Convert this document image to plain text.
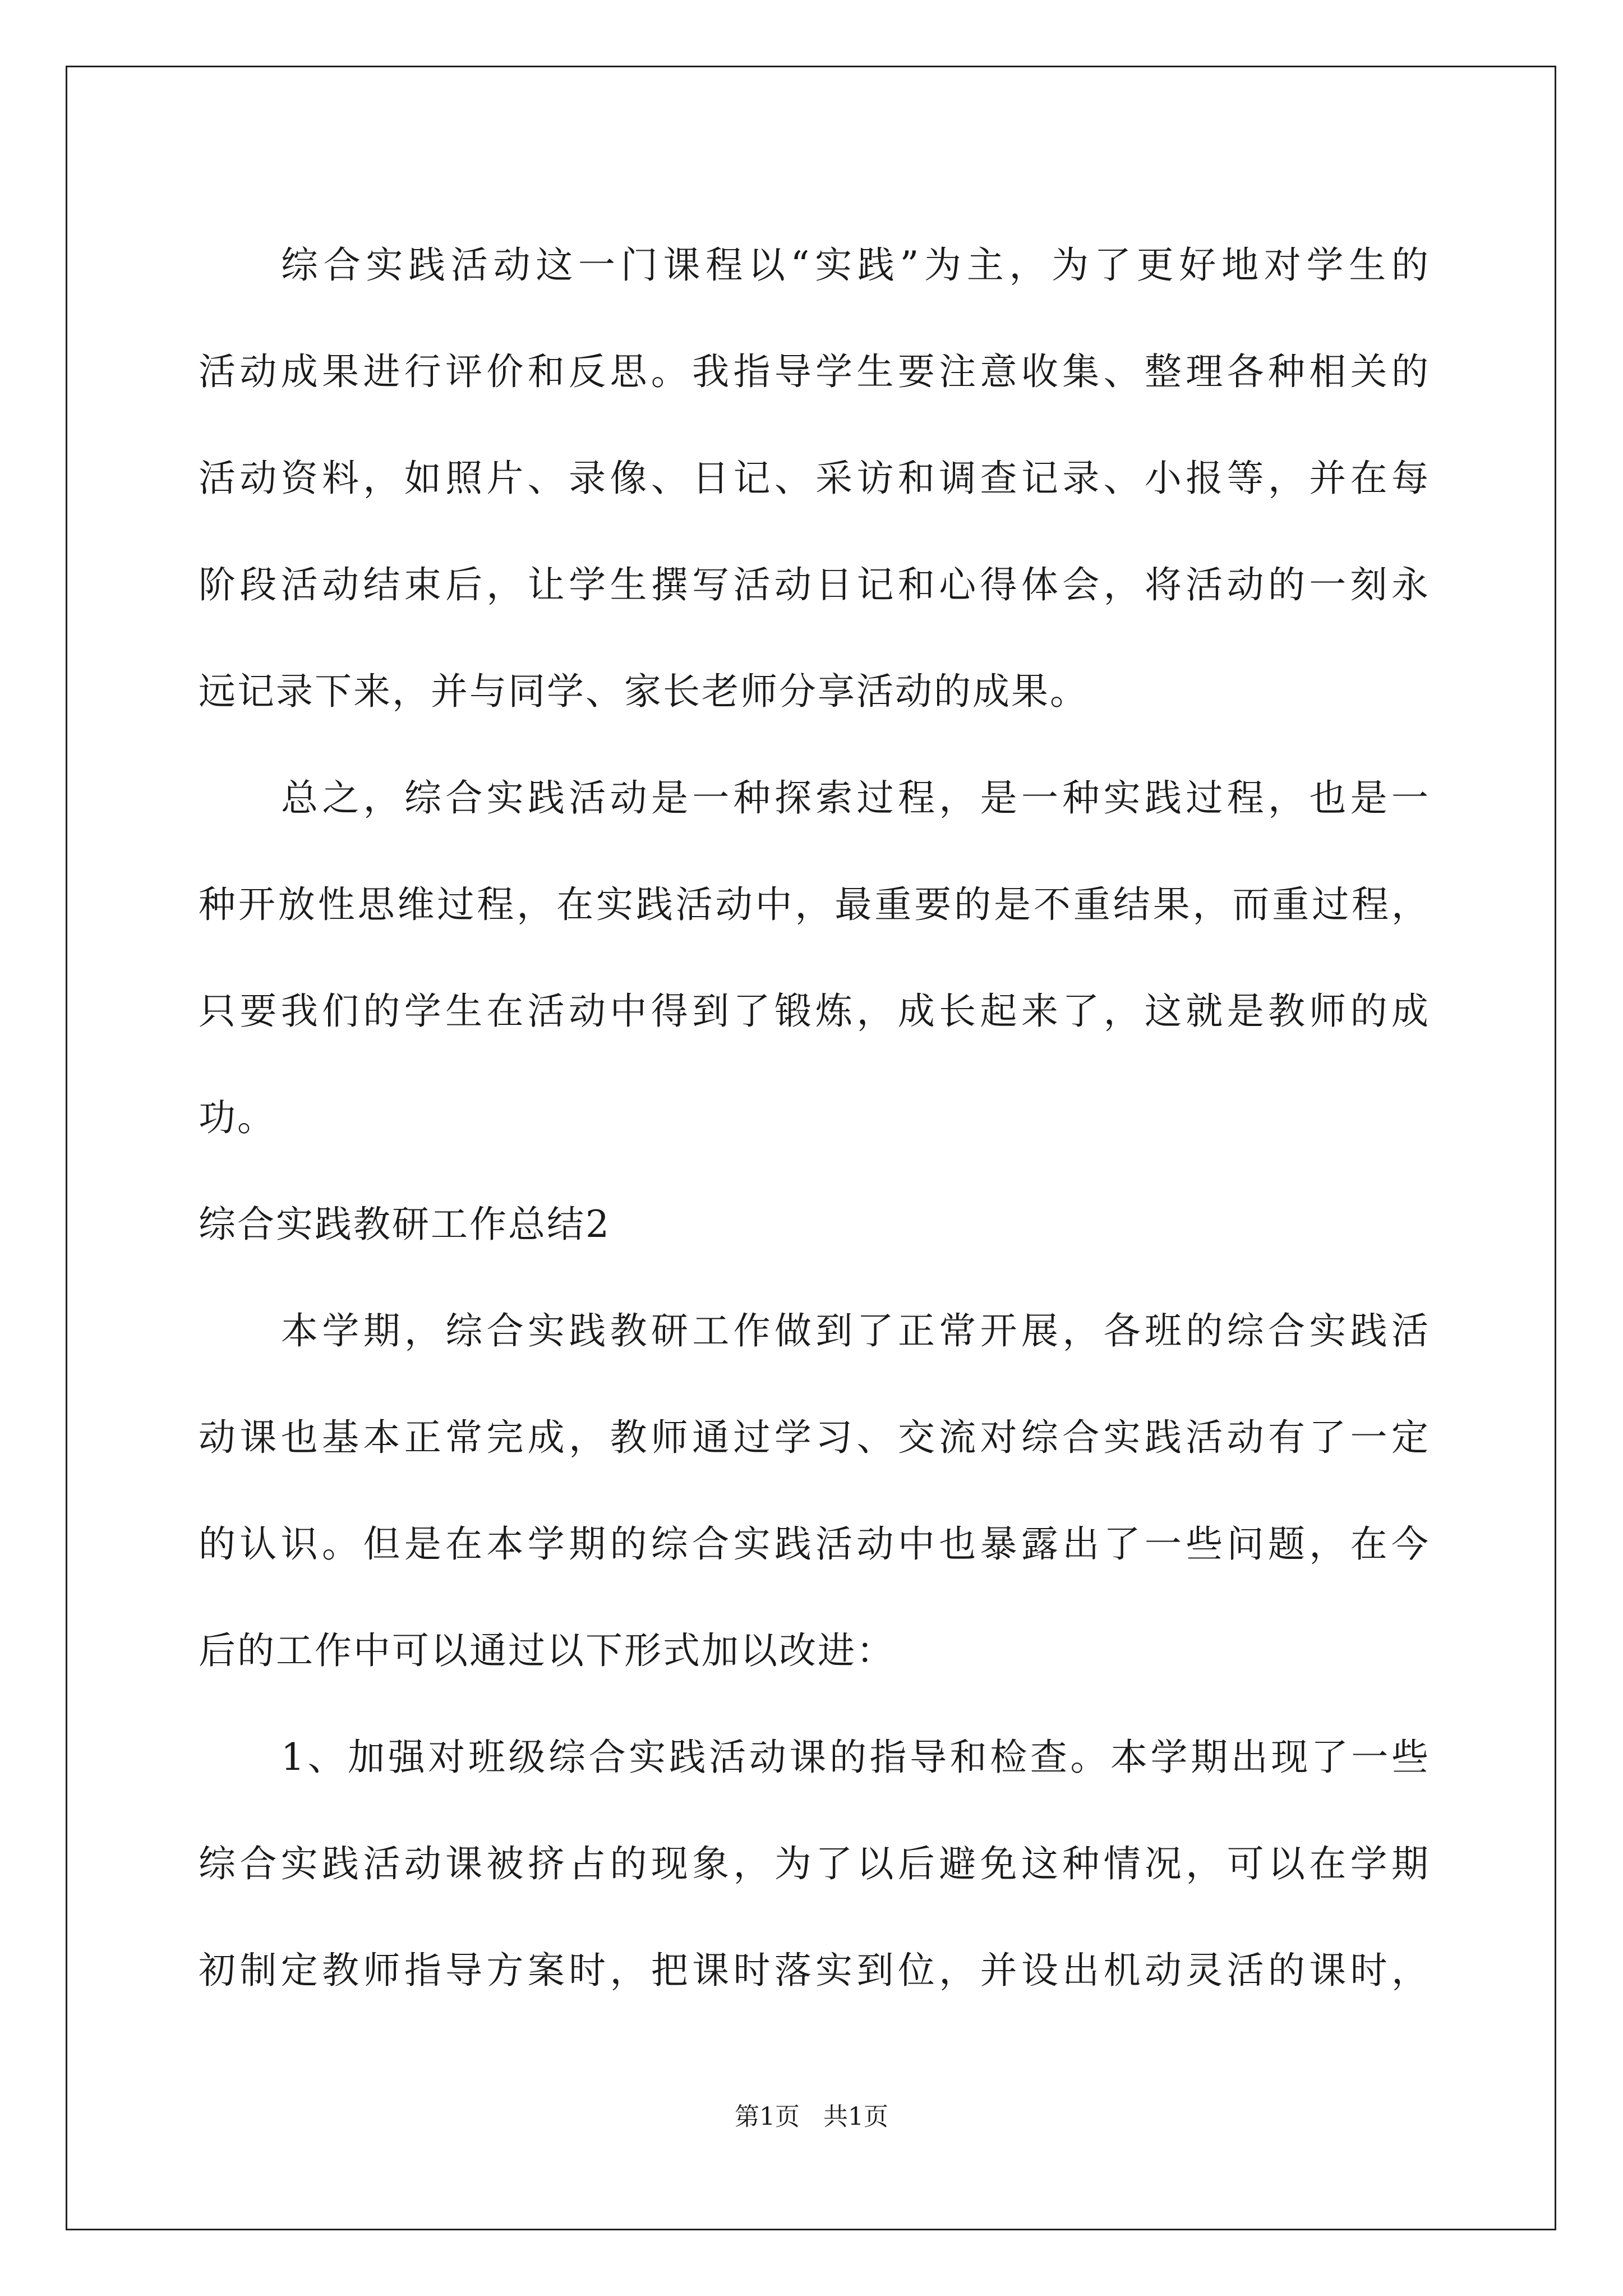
综合实践活动这一门课程以“实践”为主，为了更好地对学生的
活动成果进行评价和反思。我指导学生要注意收集、整理各种相关的
活动资料，如照片、录像、日记、采访和调查记录、小报等，并在每
阶段活动结束后，让学生撰写活动日记和心得体会，将活动的一刻永
远记录下来，并与同学、家长老师分享活动的成果。
总之，综合实践活动是一种探索过程，是一种实践过程，也是一
种开放性思维过程，在实践活动中，最重要的是不重结果，而重过程，
只要我们的学生在活动中得到了锻炼，成长起来了，这就是教师的成
功。
综合实践教研工作总结2
本学期，综合实践教研工作做到了正常开展，各班的综合实践活
动课也基本正常完成，教师通过学习、交流对综合实践活动有了一定
的认识。但是在本学期的综合实践活动中也暴露出了一些问题，在今
后的工作中可以通过以下形式加以改进：
1、加强对班级综合实践活动课的指导和检查。本学期出现了一些
综合实践活动课被挤占的现象，为了以后避免这种情况，可以在学期
初制定教师指导方案时，把课时落实到位，并设出机动灵活的课时，
第1页 共1页
